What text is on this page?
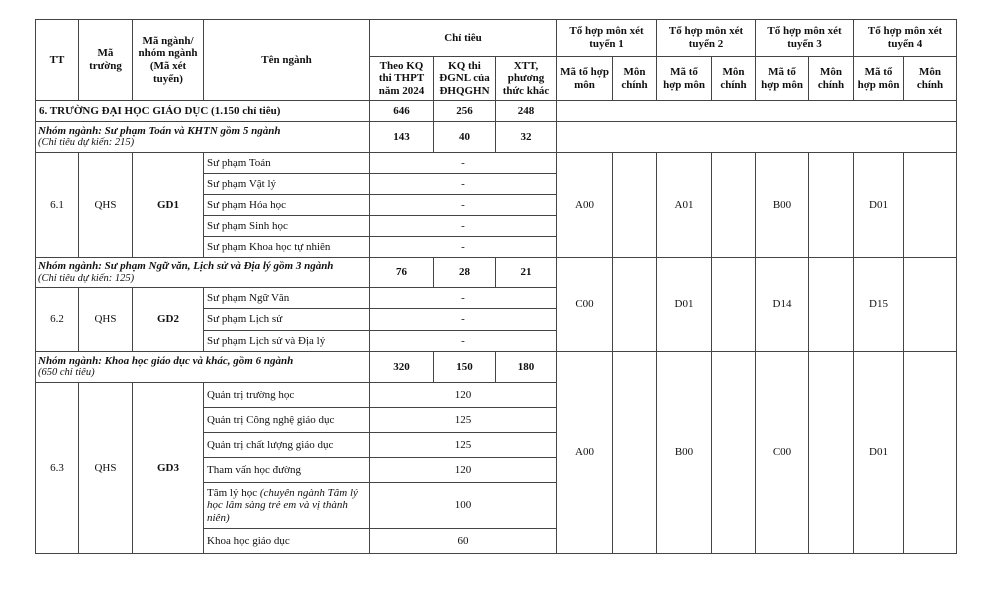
TT	Mã trường	Mã ngành/ nhóm ngành (Mã xét tuyển)	Tên ngành	Chỉ tiêu			Tổ hợp môn xét tuyển 1		Tổ hợp môn xét tuyển 2		Tổ hợp môn xét tuyển 3		Tổ hợp môn xét tuyển 4	
				Theo KQ thi THPT năm 2024	KQ thi ĐGNL của ĐHQGHN	XTT, phương thức khác	Mã tổ hợp môn	Môn chính	Mã tổ hợp môn	Môn chính	Mã tổ hợp môn	Môn chính	Mã tổ hợp môn	Môn chính
6. TRƯỜNG ĐẠI HỌC GIÁO DỤC (1.150 chỉ tiêu)				646	256	248								
Nhóm ngành: Sư phạm Toán và KHTN gồm 5 ngành
(Chỉ tiêu dự kiến: 215)				143	40	32								
6.1	QHS	GD1	Sư phạm Toán	-			A00		A01		B00		D01	
			Sư phạm Vật lý	-										
			Sư phạm Hóa học	-										
			Sư phạm Sinh học	-										
			Sư phạm Khoa học tự nhiên	-										
Nhóm ngành: Sư phạm Ngữ văn, Lịch sử và Địa lý gồm 3 ngành
(Chỉ tiêu dự kiến: 125)				76	28	21	C00		D01		D14		D15	
6.2	QHS	GD2	Sư phạm Ngữ Văn	-										
			Sư phạm Lịch sử	-										
			Sư phạm Lịch sử và Địa lý	-										
Nhóm ngành: Khoa học giáo dục và khác, gồm 6 ngành
(650 chỉ tiêu)				320	150	180	A00		B00		C00		D01	
6.3	QHS	GD3	Quản trị trường học	120										
			Quản trị Công nghệ giáo dục	125										
			Quản trị chất lượng giáo dục	125										
			Tham vấn học đường	120										
			Tâm lý học (chuyên ngành Tâm lý học lâm sàng trẻ em và vị thành niên)	100										
			Khoa học giáo dục	60										
